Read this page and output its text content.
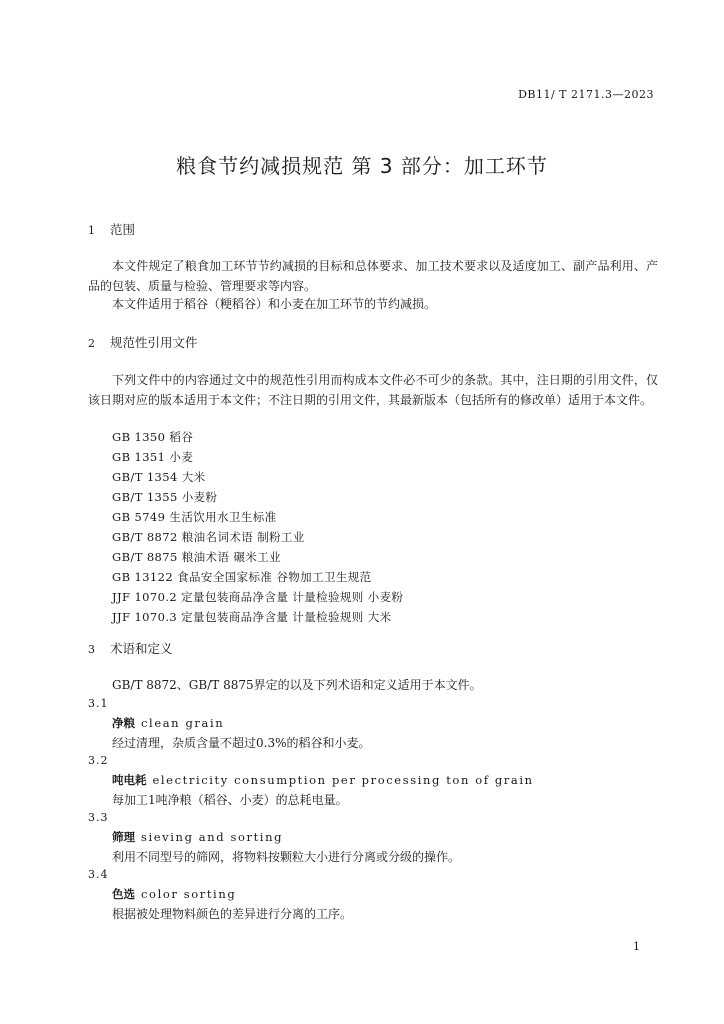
DB11/ T 2171.3—2023
粮食节约减损规范 第 3 部分：加工环节
1 范围

本文件规定了粮食加工环节节约减损的目标和总体要求、加工技术要求以及适度加工、副产品利用、产品的包装、质量与检验、管理要求等内容。

本文件适用于稻谷（粳稻谷）和小麦在加工环节的节约减损。

2 规范性引用文件

下列文件中的内容通过文中的规范性引用而构成本文件必不可少的条款。其中，注日期的引用文件，仅该日期对应的版本适用于本文件；不注日期的引用文件，其最新版本（包括所有的修改单）适用于本文件。

GB 1350 稻谷
GB 1351 小麦
GB/T 1354 大米
GB/T 1355 小麦粉
GB 5749 生活饮用水卫生标准
GB/T 8872 粮油名词术语 制粉工业
GB/T 8875 粮油术语 碾米工业
GB 13122 食品安全国家标准 谷物加工卫生规范
JJF 1070.2 定量包装商品净含量 计量检验规则 小麦粉
JJF 1070.3 定量包装商品净含量 计量检验规则 大米
3 术语和定义

GB/T 8872、GB/T 8875界定的以及下列术语和定义适用于本文件。

3.1
净粮 clean grain
经过清理，杂质含量不超过0.3%的稻谷和小麦。
3.2
吨电耗 electricity consumption per processing ton of grain
每加工1吨净粮（稻谷、小麦）的总耗电量。
3.3
筛理 sieving and sorting
利用不同型号的筛网，将物料按颗粒大小进行分离或分级的操作。
3.4
色选 color sorting
根据被处理物料颜色的差异进行分离的工序。
1
